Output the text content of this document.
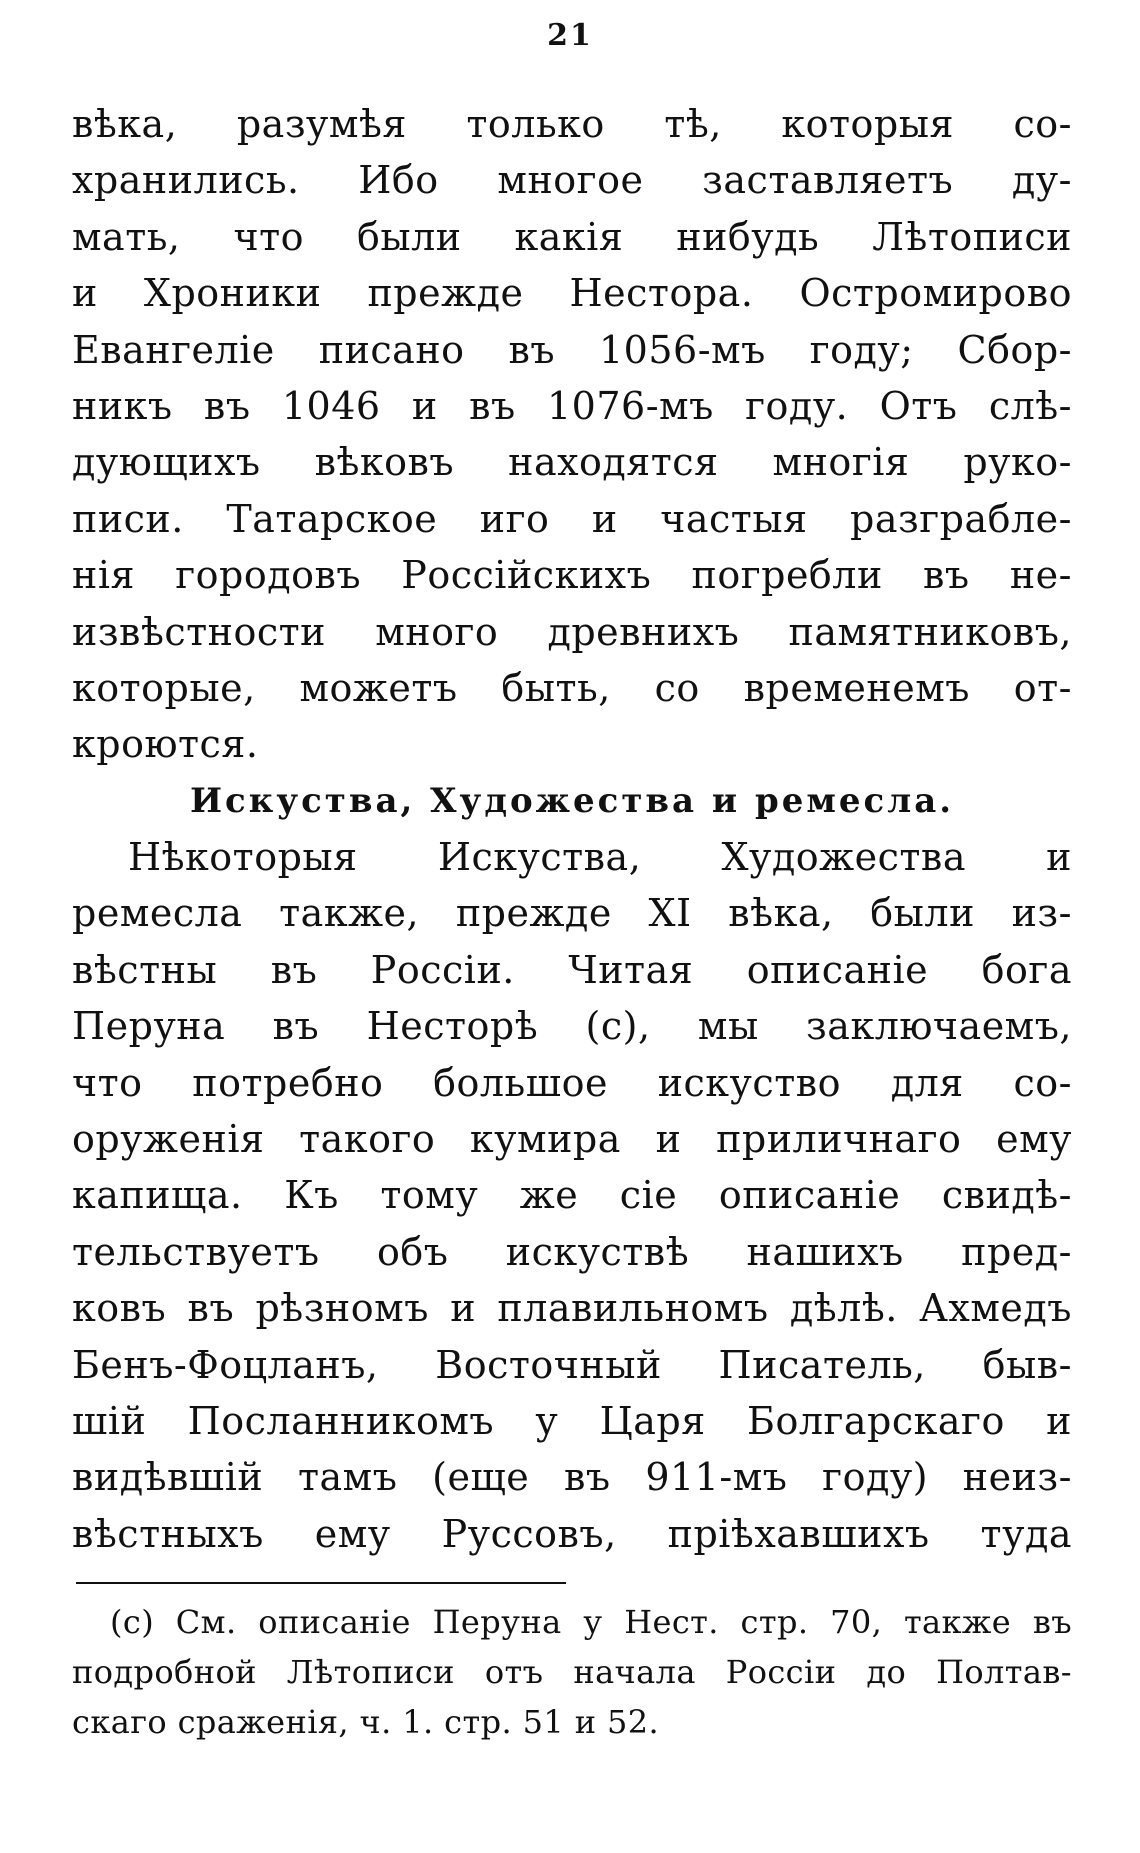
21
вѣка, разумѣя только тѣ, которыя со-
хранились. Ибо многое заставляетъ ду-
мать, что были какія нибудь Лѣтописи
и Хроники прежде Нестора. Остромирово
Евангеліе писано въ 1056-мъ году; Сбор-
никъ въ 1046 и въ 1076-мъ году. Отъ слѣ-
дующихъ вѣковъ находятся многія руко-
писи. Татарское иго и частыя разграбле-
нія городовъ Россійскихъ погребли въ не-
извѣстности много древнихъ памятниковъ,
которые, можетъ быть, со временемъ от-
кроются.
Искуства, Художества и ремесла.
Нѣкоторыя Искуства, Художества и
ремесла также, прежде XI вѣка, были из-
вѣстны въ Россіи. Читая описаніе бога
Перуна въ Несторѣ (c), мы заключаемъ,
что потребно большое искуство для со-
оруженія такого кумира и приличнаго ему
капища. Къ тому же сіе описаніе свидѣ-
тельствуетъ объ искуствѣ нашихъ пред-
ковъ въ рѣзномъ и плавильномъ дѣлѣ. Ахмедъ
Бенъ-Фоцланъ, Восточный Писатель, быв-
шій Посланникомъ у Царя Болгарскаго и
видѣвшій тамъ (еще въ 911-мъ году) неиз-
вѣстныхъ ему Руссовъ, пріѣхавшихъ туда
(c) См. описаніе Перуна у Нест. стр. 70, также въ
подробной Лѣтописи отъ начала Россіи до Полтав-
скаго сраженія, ч. 1. стр. 51 и 52.
